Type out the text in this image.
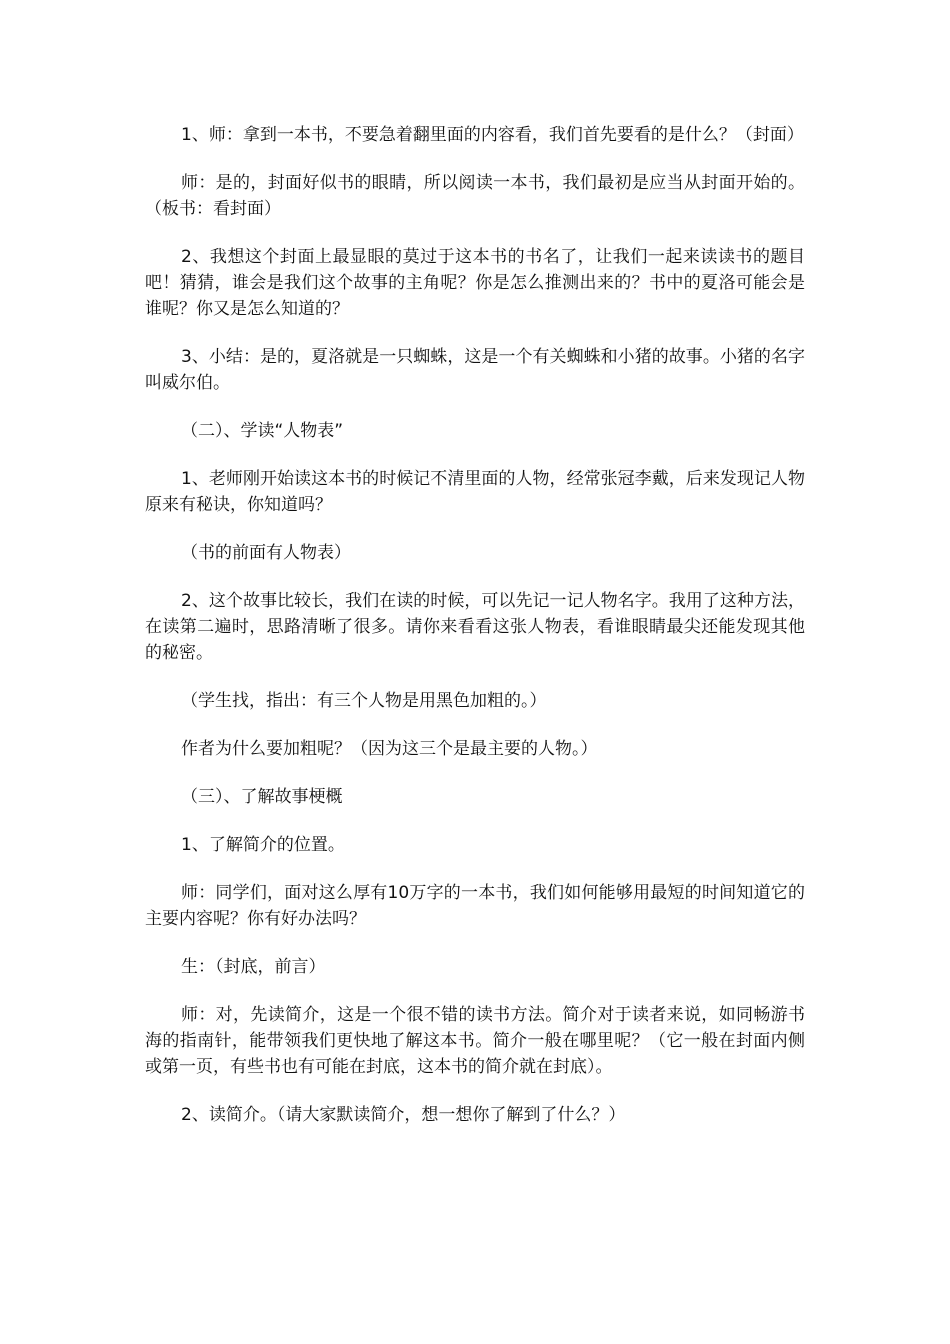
1、师：拿到一本书，不要急着翻里面的内容看，我们首先要看的是什么？（封面）

师：是的，封面好似书的眼睛，所以阅读一本书，我们最初是应当从封面开始的。（板书：看封面）

2、我想这个封面上最显眼的莫过于这本书的书名了，让我们一起来读读书的题目吧！猜猜，谁会是我们这个故事的主角呢？你是怎么推测出来的？书中的夏洛可能会是谁呢？你又是怎么知道的？

3、小结：是的，夏洛就是一只蜘蛛，这是一个有关蜘蛛和小猪的故事。小猪的名字叫威尔伯。

（二）、学读“人物表”

1、老师刚开始读这本书的时候记不清里面的人物，经常张冠李戴，后来发现记人物原来有秘诀，你知道吗？

（书的前面有人物表）

2、这个故事比较长，我们在读的时候，可以先记一记人物名字。我用了这种方法，在读第二遍时，思路清晰了很多。请你来看看这张人物表，看谁眼睛最尖还能发现其他的秘密。

（学生找，指出：有三个人物是用黑色加粗的。）

作者为什么要加粗呢？（因为这三个是最主要的人物。）

（三）、了解故事梗概

1、了解简介的位置。

师：同学们，面对这么厚有10万字的一本书，我们如何能够用最短的时间知道它的主要内容呢？你有好办法吗？

生：（封底，前言）

师：对，先读简介，这是一个很不错的读书方法。简介对于读者来说，如同畅游书海的指南针，能带领我们更快地了解这本书。简介一般在哪里呢？（它一般在封面内侧或第一页，有些书也有可能在封底，这本书的简介就在封底）。

2、读简介。（请大家默读简介，想一想你了解到了什么？）
